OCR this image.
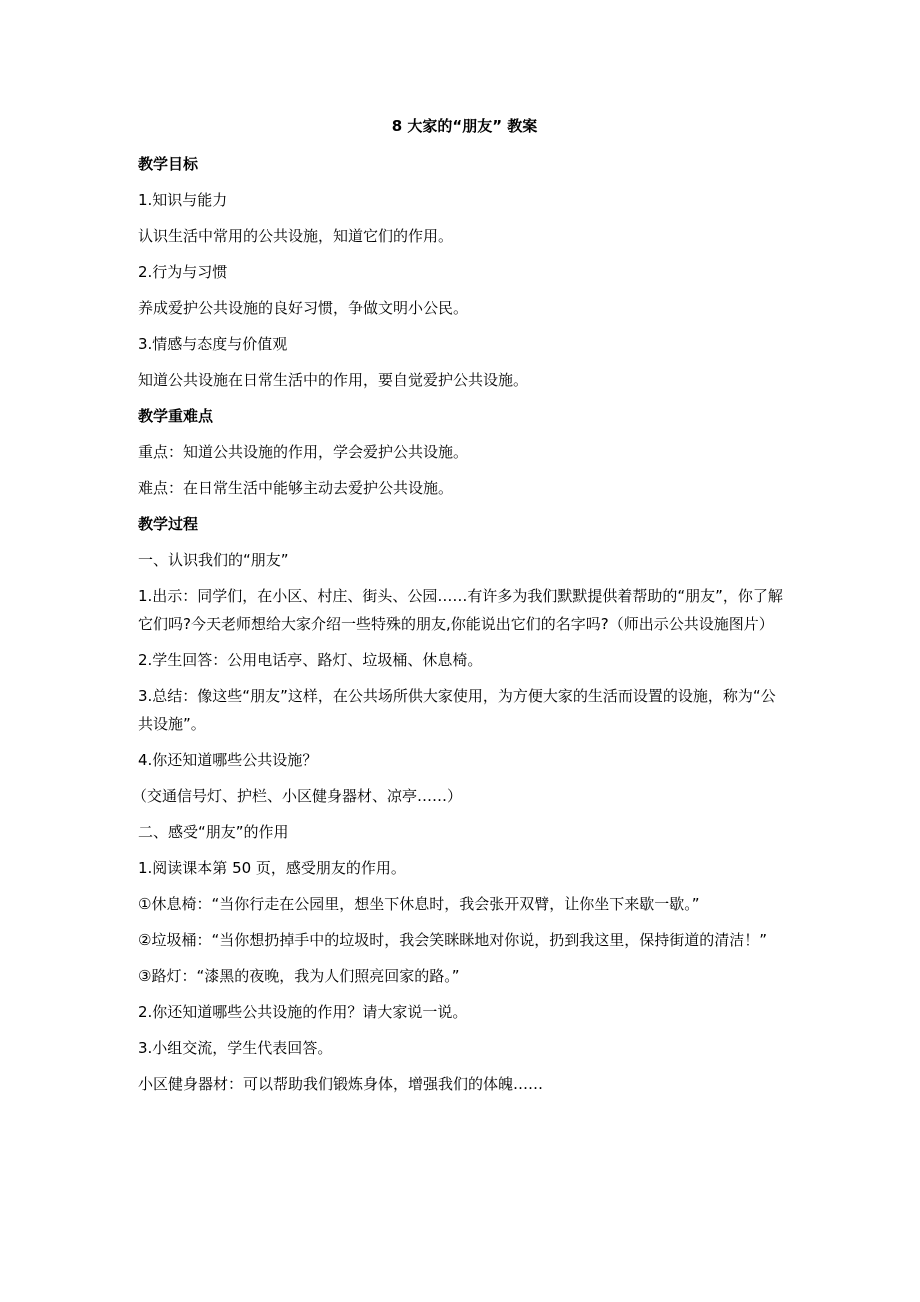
8 大家的“朋友” 教案
教学目标
1.知识与能力
认识生活中常用的公共设施，知道它们的作用。
2.行为与习惯
养成爱护公共设施的良好习惯，争做文明小公民。
3.情感与态度与价值观
知道公共设施在日常生活中的作用，要自觉爱护公共设施。
教学重难点
重点：知道公共设施的作用，学会爱护公共设施。
难点：在日常生活中能够主动去爱护公共设施。
教学过程
一、认识我们的“朋友”
1.出示：同学们，在小区、村庄、街头、公园……有许多为我们默默提供着帮助的“朋友”，你了解它们吗?今天老师想给大家介绍一些特殊的朋友,你能说出它们的名字吗?（师出示公共设施图片）
2.学生回答：公用电话亭、路灯、垃圾桶、休息椅。
3.总结：像这些“朋友”这样，在公共场所供大家使用，为方便大家的生活而设置的设施，称为“公共设施”。
4.你还知道哪些公共设施？
（交通信号灯、护栏、小区健身器材、凉亭……）
二、感受“朋友”的作用
1.阅读课本第 50 页，感受朋友的作用。
①休息椅：“当你行走在公园里，想坐下休息时，我会张开双臂，让你坐下来歇一歇。”
②垃圾桶：“当你想扔掉手中的垃圾时，我会笑眯眯地对你说，扔到我这里，保持街道的清洁！”
③路灯：“漆黑的夜晚，我为人们照亮回家的路。”
2.你还知道哪些公共设施的作用？请大家说一说。
3.小组交流，学生代表回答。
小区健身器材：可以帮助我们锻炼身体，增强我们的体魄……
